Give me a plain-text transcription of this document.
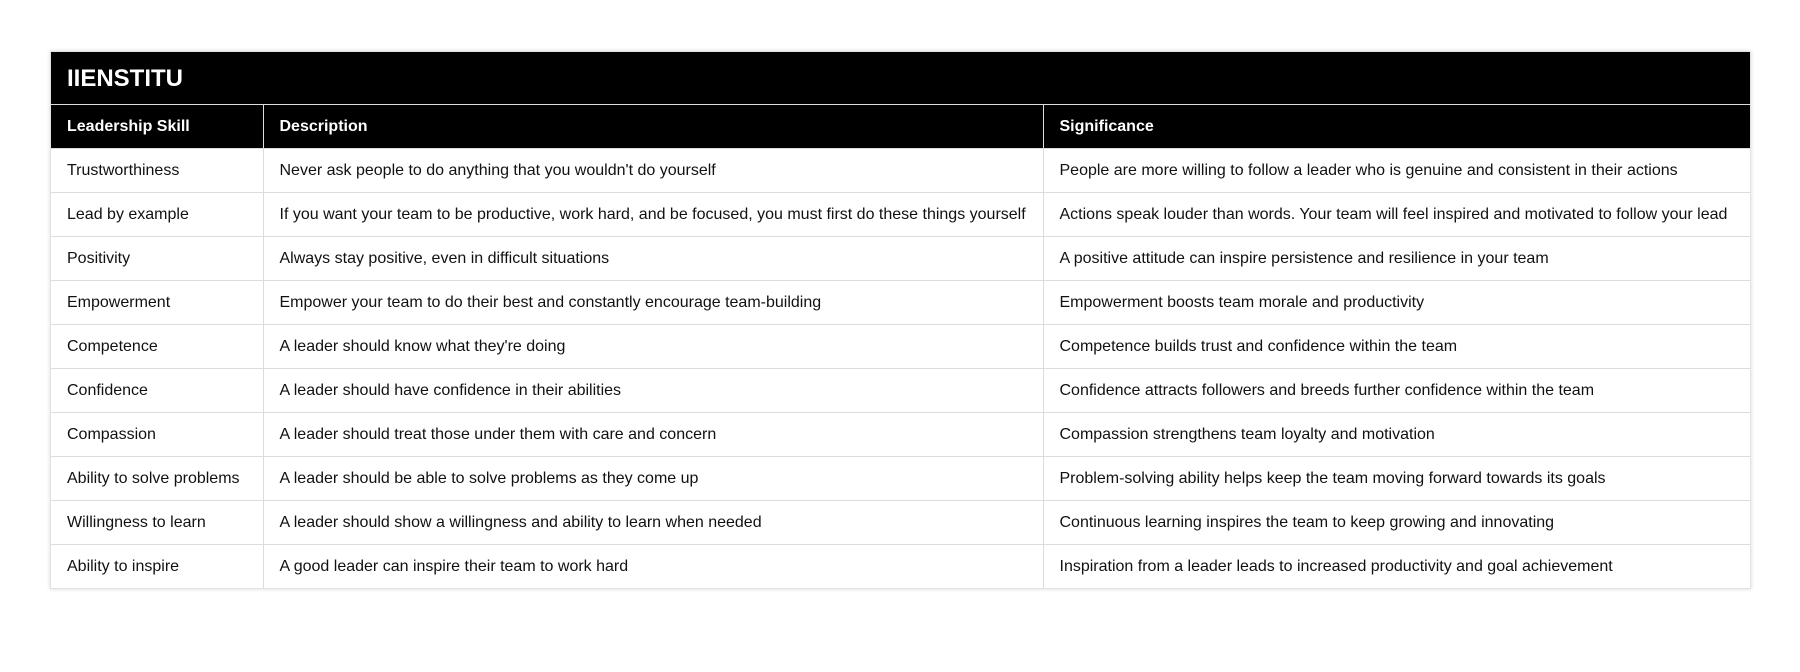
IIENSTITU
Leadership Skill	Description	Significance
Trustworthiness	Never ask people to do anything that you wouldn't do yourself	People are more willing to follow a leader who is genuine and consistent in their actions
Lead by example	If you want your team to be productive, work hard, and be focused, you must first do these things yourself	Actions speak louder than words. Your team will feel inspired and motivated to follow your lead
Positivity	Always stay positive, even in difficult situations	A positive attitude can inspire persistence and resilience in your team
Empowerment	Empower your team to do their best and constantly encourage team-building	Empowerment boosts team morale and productivity
Competence	A leader should know what they're doing	Competence builds trust and confidence within the team
Confidence	A leader should have confidence in their abilities	Confidence attracts followers and breeds further confidence within the team
Compassion	A leader should treat those under them with care and concern	Compassion strengthens team loyalty and motivation
Ability to solve problems	A leader should be able to solve problems as they come up	Problem-solving ability helps keep the team moving forward towards its goals
Willingness to learn	A leader should show a willingness and ability to learn when needed	Continuous learning inspires the team to keep growing and innovating
Ability to inspire	A good leader can inspire their team to work hard	Inspiration from a leader leads to increased productivity and goal achievement
